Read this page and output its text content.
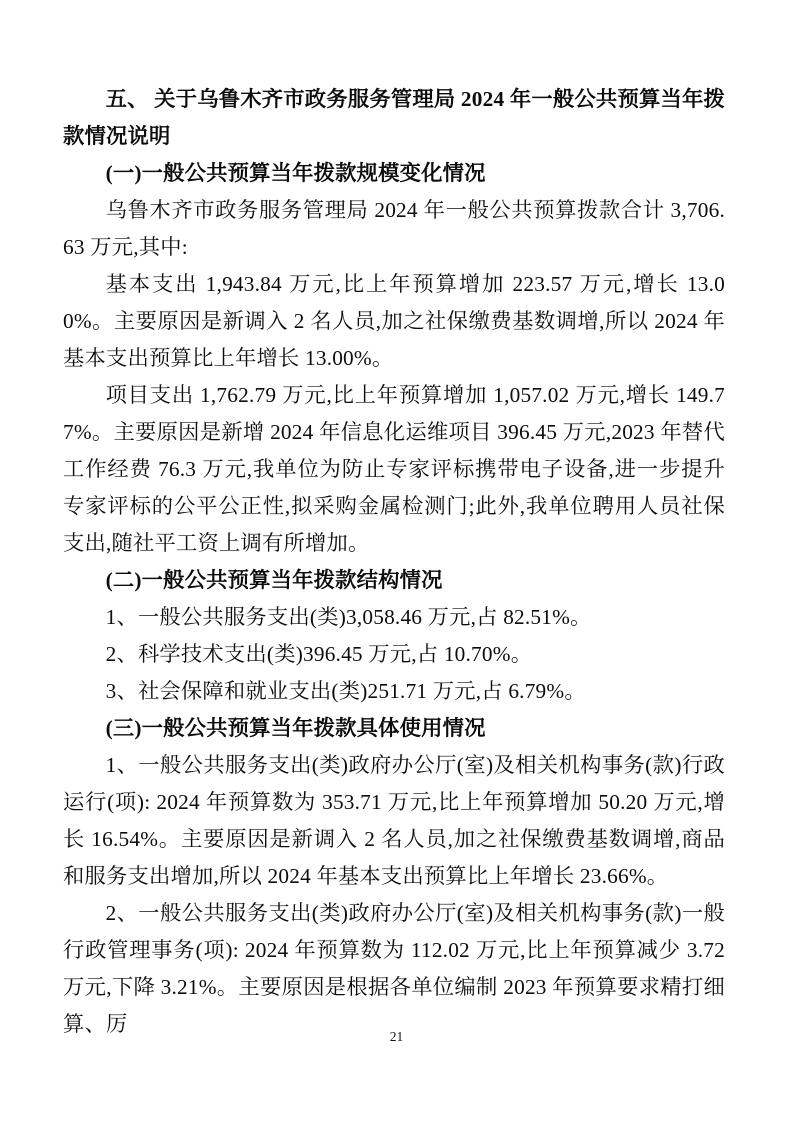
五、 关于乌鲁木齐市政务服务管理局 2024 年一般公共预算当年拨款情况说明

(一)一般公共预算当年拨款规模变化情况

乌鲁木齐市政务服务管理局 2024 年一般公共预算拨款合计 3,706.63 万元,其中:

基本支出 1,943.84 万元,比上年预算增加 223.57 万元,增长 13.00%。主要原因是新调入 2 名人员,加之社保缴费基数调增,所以 2024 年基本支出预算比上年增长 13.00%。

项目支出 1,762.79 万元,比上年预算增加 1,057.02 万元,增长 149.77%。主要原因是新增 2024 年信息化运维项目 396.45 万元,2023 年替代工作经费 76.3 万元,我单位为防止专家评标携带电子设备,进一步提升专家评标的公平公正性,拟采购金属检测门;此外,我单位聘用人员社保支出,随社平工资上调有所增加。

(二)一般公共预算当年拨款结构情况

1、一般公共服务支出(类)3,058.46 万元,占 82.51%。

2、科学技术支出(类)396.45 万元,占 10.70%。

3、社会保障和就业支出(类)251.71 万元,占 6.79%。

(三)一般公共预算当年拨款具体使用情况

1、一般公共服务支出(类)政府办公厅(室)及相关机构事务(款)行政运行(项): 2024 年预算数为 353.71 万元,比上年预算增加 50.20 万元,增长 16.54%。主要原因是新调入 2 名人员,加之社保缴费基数调增,商品和服务支出增加,所以 2024 年基本支出预算比上年增长 23.66%。

2、一般公共服务支出(类)政府办公厅(室)及相关机构事务(款)一般行政管理事务(项): 2024 年预算数为 112.02 万元,比上年预算减少 3.72 万元,下降 3.21%。主要原因是根据各单位编制 2023 年预算要求精打细算、厉

21
